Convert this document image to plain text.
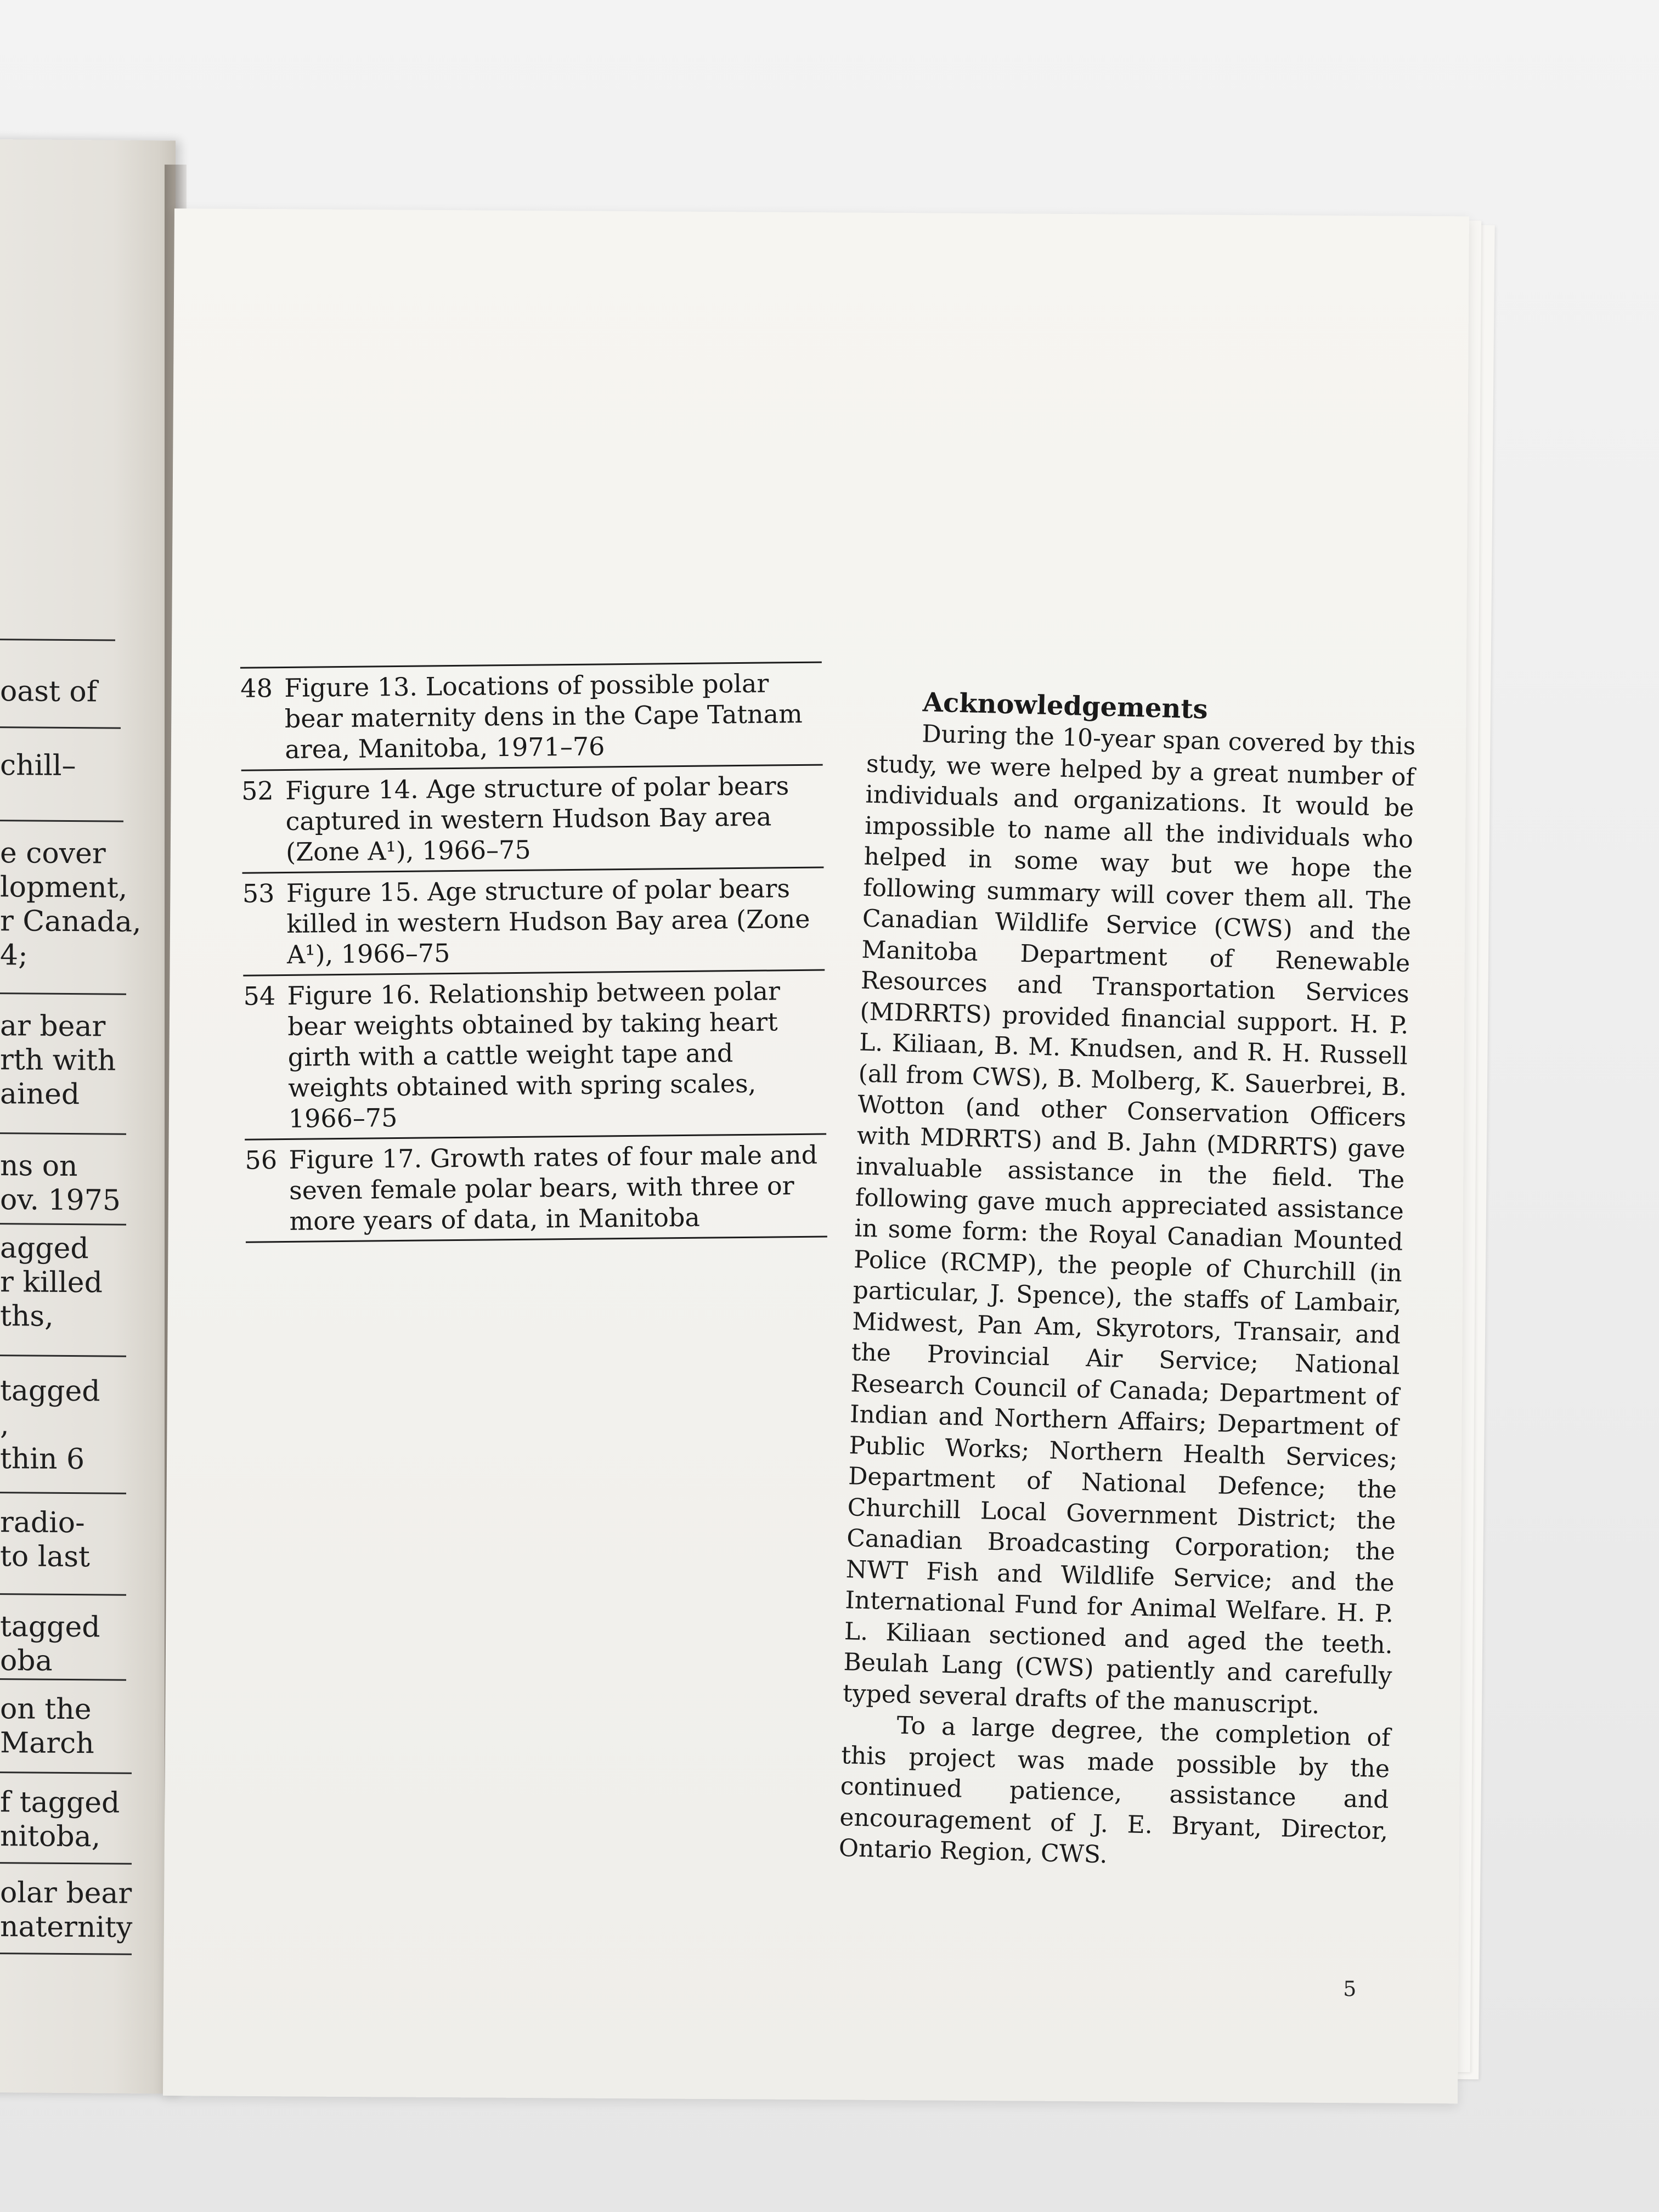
oast of
chill–
e cover
lopment,
r Canada,
4;
ar bear
rth with
ained
ns on
ov. 1975
agged
r killed
ths,
tagged
,
thin 6
radio-
to last
tagged
oba
on the
March
f tagged
nitoba,
olar bear
naternity
48 Figure 13. Locations of possible polar bear maternity dens in the Cape Tatnam area, Manitoba, 1971–76
52 Figure 14. Age structure of polar bears captured in western Hudson Bay area (Zone A¹), 1966–75
53 Figure 15. Age structure of polar bears killed in western Hudson Bay area (Zone A¹), 1966–75
54 Figure 16. Relationship between polar bear weights obtained by taking heart girth with a cattle weight tape and weights obtained with spring scales, 1966–75
56 Figure 17. Growth rates of four male and seven female polar bears, with three or more years of data, in Manitoba
Acknowledgements

During the 10-year span covered by this study, we were helped by a great number of individuals and organizations. It would be impossible to name all the individuals who helped in some way but we hope the following summary will cover them all. The Canadian Wildlife Service (CWS) and the Manitoba Department of Renewable Resources and Transportation Services (MDRRTS) provided financial support. H. P. L. Kiliaan, B. M. Knudsen, and R. H. Russell (all from CWS), B. Molberg, K. Sauerbrei, B. Wotton (and other Conservation Officers with MDRRTS) and B. Jahn (MDRRTS) gave invaluable assistance in the field. The following gave much appreciated assistance in some form: the Royal Canadian Mounted Police (RCMP), the people of Churchill (in particular, J. Spence), the staffs of Lambair, Midwest, Pan Am, Skyrotors, Transair, and the Provincial Air Service; National Research Council of Canada; Department of Indian and Northern Affairs; Department of Public Works; Northern Health Services; Department of National Defence; the Churchill Local Government District; the Canadian Broadcasting Corporation; the NWT Fish and Wildlife Service; and the International Fund for Animal Welfare. H. P. L. Kiliaan sectioned and aged the teeth. Beulah Lang (CWS) patiently and carefully typed several drafts of the manuscript.

To a large degree, the completion of this project was made possible by the continued patience, assistance and encouragement of J. E. Bryant, Director, Ontario Region, CWS.

5
